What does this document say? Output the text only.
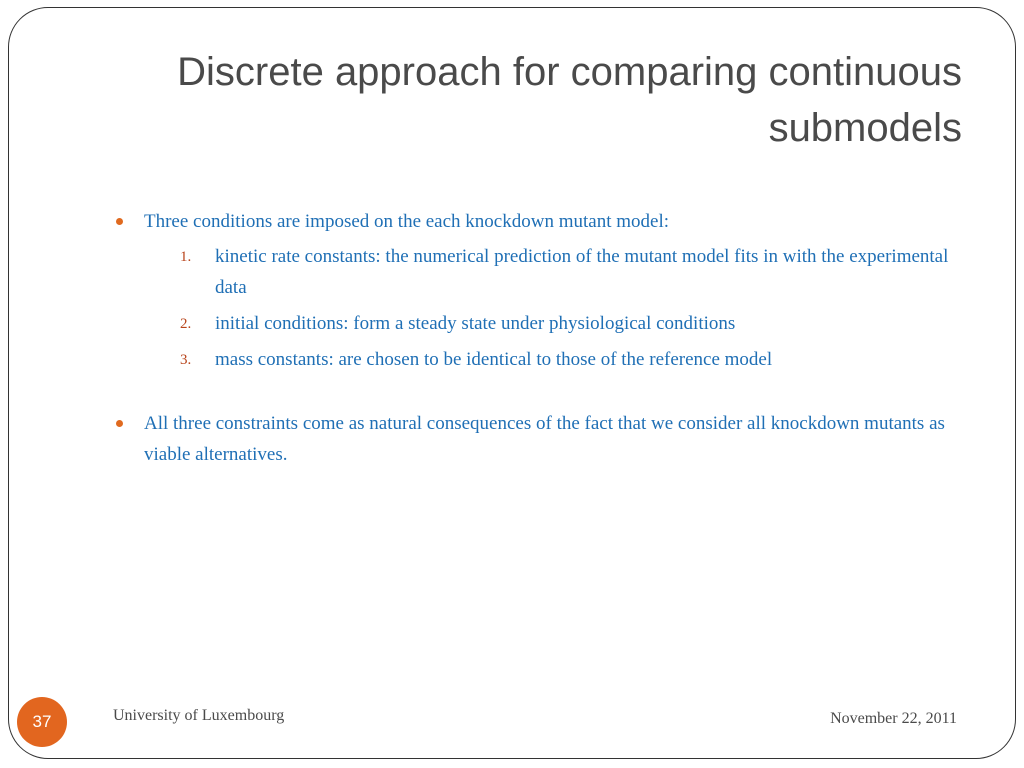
Discrete approach for comparing continuous submodels
Three conditions are imposed on the each knockdown mutant model:
1. kinetic rate constants: the numerical prediction of the mutant model fits in with the experimental data
2. initial conditions: form a steady state under physiological conditions
3. mass constants: are chosen to be identical to those of the reference model
All three constraints come as natural consequences of the fact that we consider all knockdown mutants as viable alternatives.
37	University of Luxembourg	November 22, 2011
